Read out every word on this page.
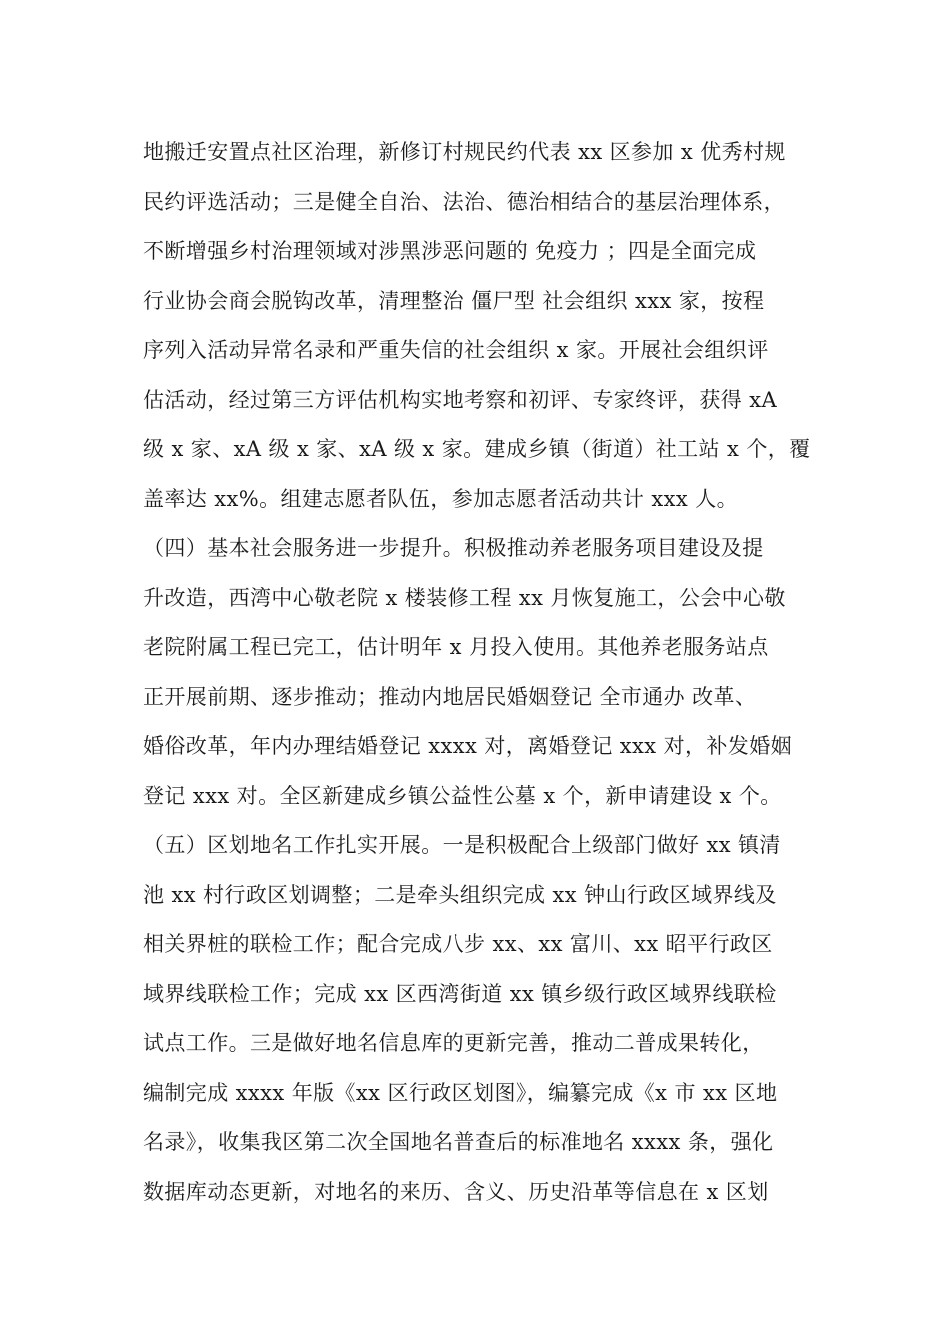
地搬迁安置点社区治理，新修订村规民约代表 xx 区参加 x 优秀村规
民约评选活动；三是健全自治、法治、德治相结合的基层治理体系，
不断增强乡村治理领域对涉黑涉恶问题的 免疫力 ；四是全面完成
行业协会商会脱钩改革，清理整治 僵尸型 社会组织 xxx 家，按程
序列入活动异常名录和严重失信的社会组织 x 家。开展社会组织评
估活动，经过第三方评估机构实地考察和初评、专家终评，获得 xA
级 x 家、xA 级 x 家、xA 级 x 家。建成乡镇（街道）社工站 x 个，覆
盖率达 xx%。组建志愿者队伍，参加志愿者活动共计 xxx 人。
（四）基本社会服务进一步提升。积极推动养老服务项目建设及提
升改造，西湾中心敬老院 x 楼装修工程 xx 月恢复施工，公会中心敬
老院附属工程已完工，估计明年 x 月投入使用。其他养老服务站点
正开展前期、逐步推动；推动内地居民婚姻登记 全市通办 改革、
婚俗改革，年内办理结婚登记 xxxx 对，离婚登记 xxx 对，补发婚姻
登记 xxx 对。全区新建成乡镇公益性公墓 x 个，新申请建设 x 个。
（五）区划地名工作扎实开展。一是积极配合上级部门做好 xx 镇清
池 xx 村行政区划调整；二是牵头组织完成 xx 钟山行政区域界线及
相关界桩的联检工作；配合完成八步 xx、xx 富川、xx 昭平行政区
域界线联检工作；完成 xx 区西湾街道 xx 镇乡级行政区域界线联检
试点工作。三是做好地名信息库的更新完善，推动二普成果转化，
编制完成 xxxx 年版《xx 区行政区划图》，编纂完成《x 市 xx 区地
名录》，收集我区第二次全国地名普查后的标准地名 xxxx 条，强化
数据库动态更新，对地名的来历、含义、历史沿革等信息在 x 区划
